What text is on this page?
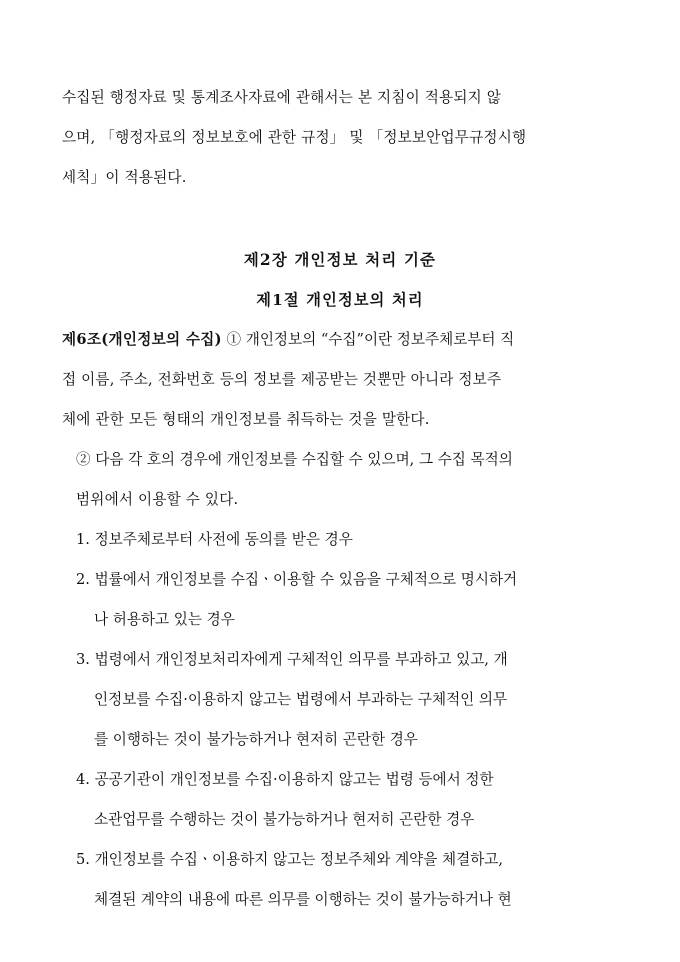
수집된 행정자료 및 통계조사자료에 관해서는 본 지침이 적용되지 않

으며, 「행정자료의 정보보호에 관한 규정」 및 「정보보안업무규정시행

세칙」이 적용된다.

제2장 개인정보 처리 기준
제1절 개인정보의 처리

제6조(개인정보의 수집) ① 개인정보의 “수집”이란 정보주체로부터 직

접 이름, 주소, 전화번호 등의 정보를 제공받는 것뿐만 아니라 정보주

체에 관한 모든 형태의 개인정보를 취득하는 것을 말한다.

② 다음 각 호의 경우에 개인정보를 수집할 수 있으며, 그 수집 목적의

범위에서 이용할 수 있다.

1. 정보주체로부터 사전에 동의를 받은 경우

2. 법률에서 개인정보를 수집ㆍ이용할 수 있음을 구체적으로 명시하거
나 허용하고 있는 경우

3. 법령에서 개인정보처리자에게 구체적인 의무를 부과하고 있고, 개
인정보를 수집·이용하지 않고는 법령에서 부과하는 구체적인 의무
를 이행하는 것이 불가능하거나 현저히 곤란한 경우

4. 공공기관이 개인정보를 수집·이용하지 않고는 법령 등에서 정한
소관업무를 수행하는 것이 불가능하거나 현저히 곤란한 경우

5. 개인정보를 수집ㆍ이용하지 않고는 정보주체와 계약을 체결하고,
체결된 계약의 내용에 따른 의무를 이행하는 것이 불가능하거나 현
